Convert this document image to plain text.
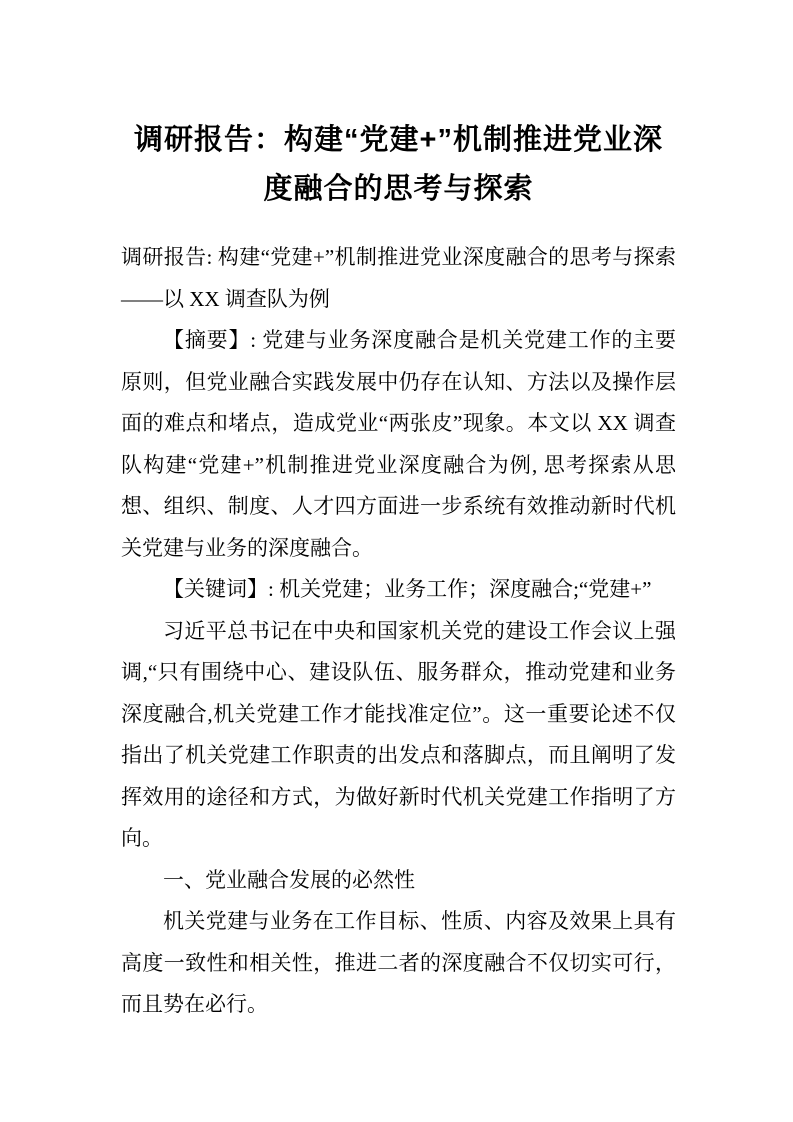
调研报告：构建“党建+”机制推进党业深
度融合的思考与探索

调研报告: 构建“党建+”机制推进党业深度融合的思考与探索——以 XX 调查队为例

【摘要】: 党建与业务深度融合是机关党建工作的主要原则，但党业融合实践发展中仍存在认知、方法以及操作层面的难点和堵点，造成党业“两张皮”现象。本文以 XX 调查队构建“党建+”机制推进党业深度融合为例, 思考探索从思想、组织、制度、人才四方面进一步系统有效推动新时代机关党建与业务的深度融合。

【关键词】: 机关党建；业务工作；深度融合;“党建+”

习近平总书记在中央和国家机关党的建设工作会议上强调,“只有围绕中心、建设队伍、服务群众，推动党建和业务深度融合,机关党建工作才能找准定位”。这一重要论述不仅指出了机关党建工作职责的出发点和落脚点，而且阐明了发挥效用的途径和方式，为做好新时代机关党建工作指明了方向。

一、党业融合发展的必然性

机关党建与业务在工作目标、性质、内容及效果上具有高度一致性和相关性，推进二者的深度融合不仅切实可行，而且势在必行。
